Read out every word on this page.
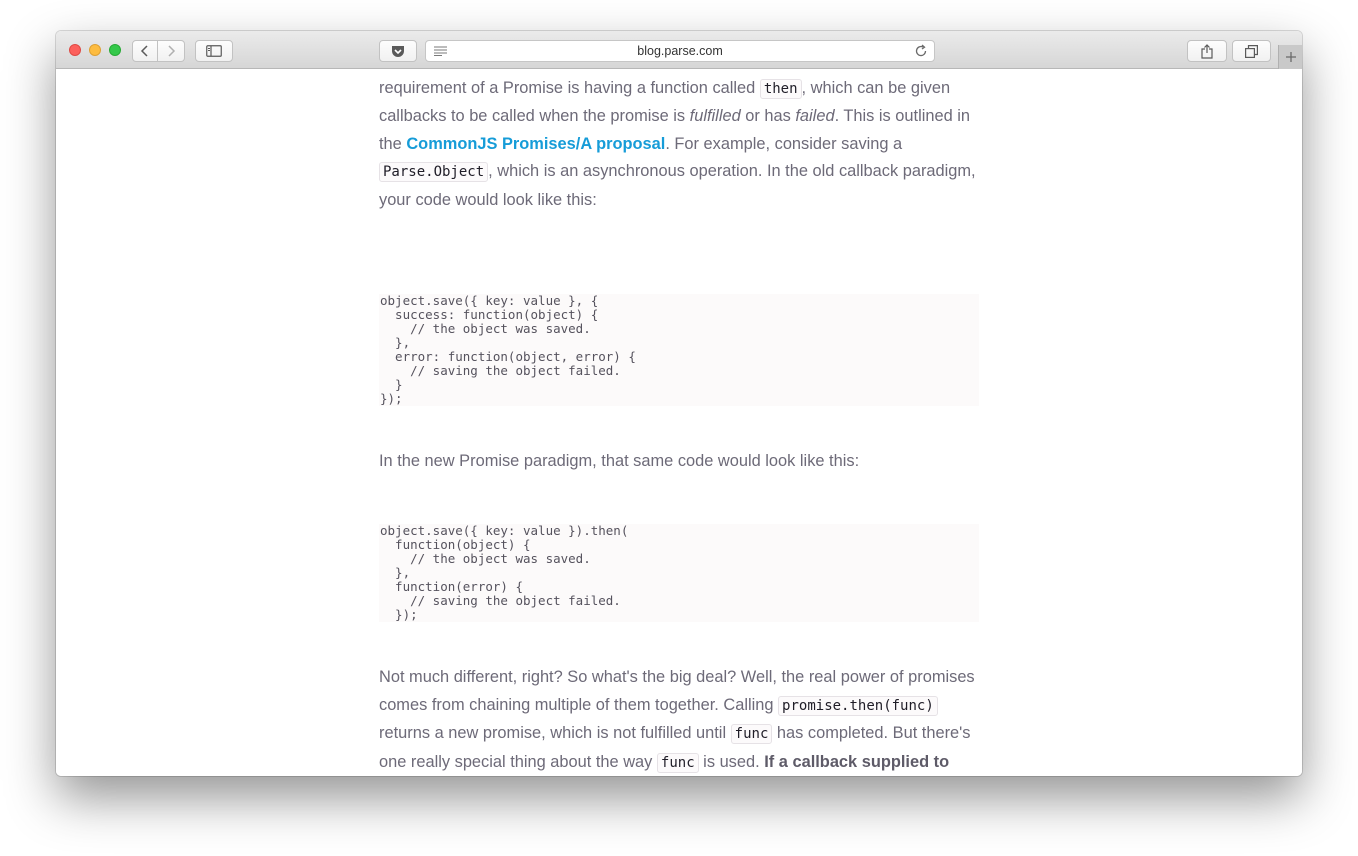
blog.parse.com

requirement of a Promise is having a function called then , which can be given callbacks to be called when the promise is fulfilled or has failed. This is outlined in the CommonJS Promises/A proposal. For example, consider saving a Parse.Object , which is an asynchronous operation. In the old callback paradigm, your code would look like this:

object.save({ key: value }, {
success: function(object) {
// the object was saved.
},
error: function(object, error) {
// saving the object failed.
}
});

In the new Promise paradigm, that same code would look like this:

object.save({ key: value }).then(
function(object) {
// the object was saved.
},
function(error) {
// saving the object failed.
});

Not much different, right? So what's the big deal? Well, the real power of promises comes from chaining multiple of them together. Calling promise.then(func) returns a new promise, which is not fulfilled until func has completed. But there's one really special thing about the way func is used. If a callback supplied to
